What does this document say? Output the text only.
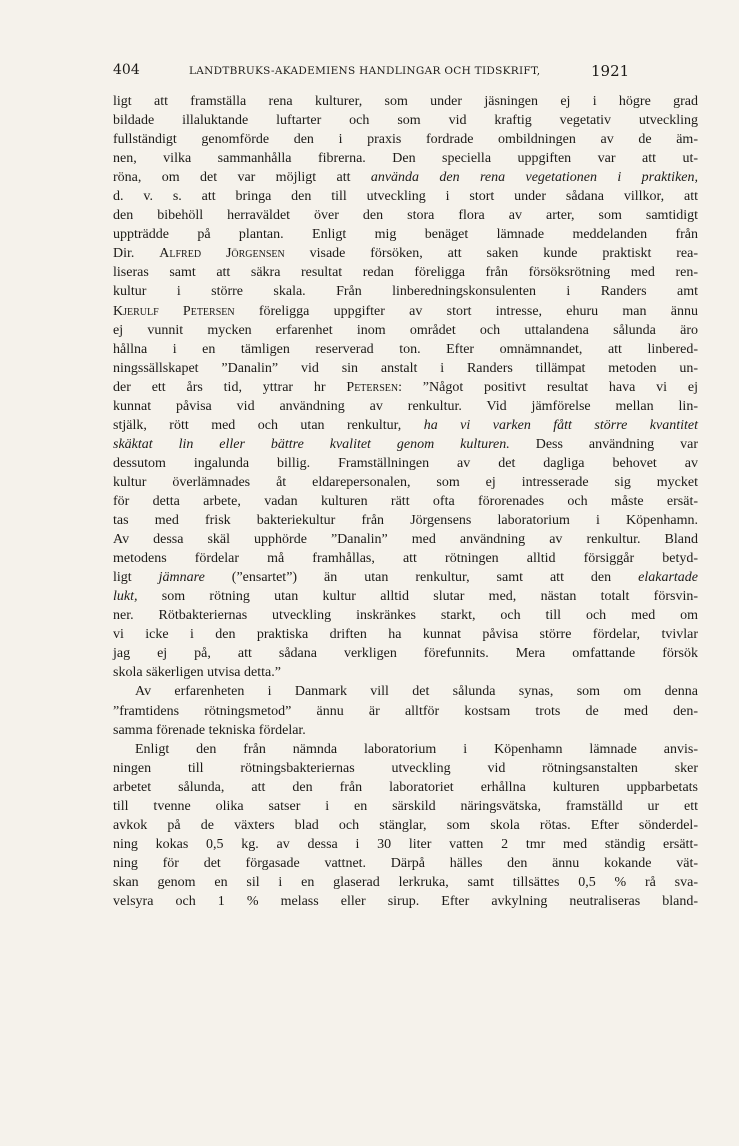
404	LANDTBRUKS-AKADEMIENS HANDLINGAR OCH TIDSKRIFT,	1921
ligt att framställa rena kulturer, som under jäsningen ej i högre grad
bildade illaluktande luftarter och som vid kraftig vegetativ utveckling
fullständigt genomförde den i praxis fordrade ombildningen av de äm-
nen, vilka sammanhålla fibrerna. Den speciella uppgiften var att ut-
röna, om det var möjligt att använda den rena vegetationen i praktiken,
d. v. s. att bringa den till utveckling i stort under sådana villkor, att
den bibehöll herraväldet över den stora flora av arter, som samtidigt
uppträdde på plantan. Enligt mig benäget lämnade meddelanden från
Dir. Alfred Jörgensen visade försöken, att saken kunde praktiskt rea-
liseras samt att säkra resultat redan föreligga från försöksrötning med ren-
kultur i större skala. Från linberedningskonsulenten i Randers amt
Kjerulf Petersen föreligga uppgifter av stort intresse, ehuru man ännu
ej vunnit mycken erfarenhet inom området och uttalandena sålunda äro
hållna i en tämligen reserverad ton. Efter omnämnandet, att linbered-
ningssällskapet ”Danalin” vid sin anstalt i Randers tillämpat metoden un-
der ett års tid, yttrar hr Petersen: ”Något positivt resultat hava vi ej
kunnat påvisa vid användning av renkultur. Vid jämförelse mellan lin-
stjälk, rött med och utan renkultur, ha vi varken fått större kvantitet
skäktat lin eller bättre kvalitet genom kulturen. Dess användning var
dessutom ingalunda billig. Framställningen av det dagliga behovet av
kultur överlämnades åt eldarepersonalen, som ej intresserade sig mycket
för detta arbete, vadan kulturen rätt ofta förorenades och måste ersät-
tas med frisk bakteriekultur från Jörgensens laboratorium i Köpenhamn.
Av dessa skäl upphörde ”Danalin” med användning av renkultur. Bland
metodens fördelar må framhållas, att rötningen alltid försiggår betyd-
ligt jämnare (”ensartet”) än utan renkultur, samt att den elakartade
lukt, som rötning utan kultur alltid slutar med, nästan totalt försvin-
ner. Rötbakteriernas utveckling inskränkes starkt, och till och med om
vi icke i den praktiska driften ha kunnat påvisa större fördelar, tvivlar
jag ej på, att sådana verkligen förefunnits. Mera omfattande försök
skola säkerligen utvisa detta.”
Av erfarenheten i Danmark vill det sålunda synas, som om denna
”framtidens rötningsmetod” ännu är alltför kostsam trots de med den-
samma förenade tekniska fördelar.
Enligt den från nämnda laboratorium i Köpenhamn lämnade anvis-
ningen till rötningsbakteriernas utveckling vid rötningsanstalten sker
arbetet sålunda, att den från laboratoriet erhållna kulturen uppbarbetats
till tvenne olika satser i en särskild näringsvätska, framställd ur ett
avkok på de växters blad och stänglar, som skola rötas. Efter sönderdel-
ning kokas 0,5 kg. av dessa i 30 liter vatten 2 tmr med ständig ersätt-
ning för det förgasade vattnet. Därpå hälles den ännu kokande vät-
skan genom en sil i en glaserad lerkruka, samt tillsättes 0,5 % rå sva-
velsyra och 1 % melass eller sirup. Efter avkylning neutraliseras bland-
